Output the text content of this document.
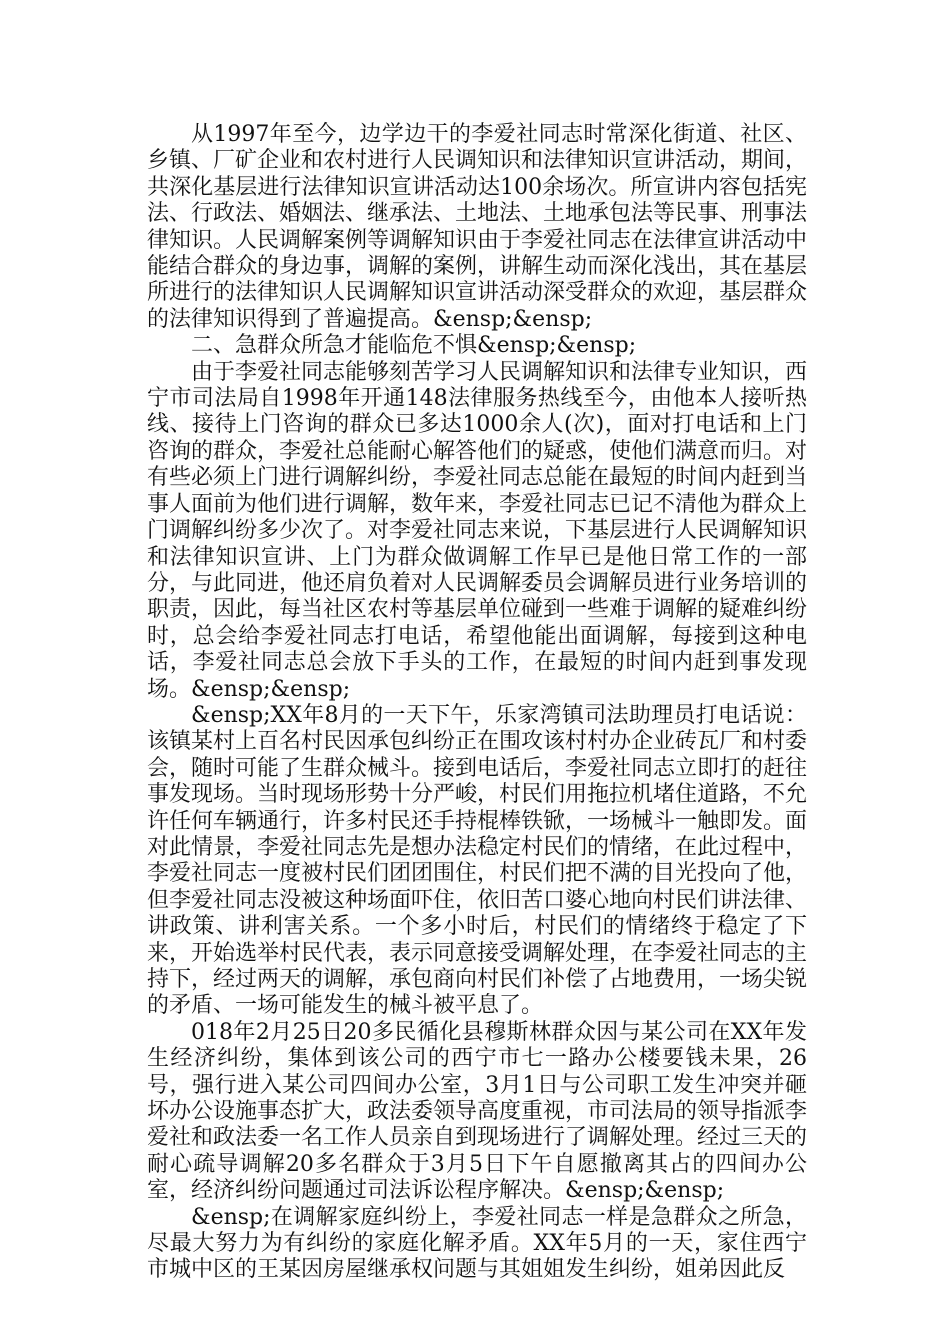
从1997年至今，边学边干的李爱社同志时常深化街道、社区、乡镇、厂矿企业和农村进行人民调知识和法律知识宣讲活动，期间，共深化基层进行法律知识宣讲活动达100余场次。所宣讲内容包括宪法、行政法、婚姻法、继承法、土地法、土地承包法等民事、刑事法律知识。人民调解案例等调解知识由于李爱社同志在法律宣讲活动中能结合群众的身边事，调解的案例，讲解生动而深化浅出，其在基层所进行的法律知识人民调解知识宣讲活动深受群众的欢迎，基层群众的法律知识得到了普遍提高。&ensp;&ensp;

二、急群众所急才能临危不惧&ensp;&ensp;

由于李爱社同志能够刻苦学习人民调解知识和法律专业知识，西宁市司法局自1998年开通148法律服务热线至今，由他本人接听热线、接待上门咨询的群众已多达1000余人(次)，面对打电话和上门咨询的群众，李爱社总能耐心解答他们的疑惑，使他们满意而归。对有些必须上门进行调解纠纷，李爱社同志总能在最短的时间内赶到当事人面前为他们进行调解，数年来，李爱社同志已记不清他为群众上门调解纠纷多少次了。对李爱社同志来说，下基层进行人民调解知识和法律知识宣讲、上门为群众做调解工作早已是他日常工作的一部分，与此同进，他还肩负着对人民调解委员会调解员进行业务培训的职责，因此，每当社区农村等基层单位碰到一些难于调解的疑难纠纷时，总会给李爱社同志打电话，希望他能出面调解，每接到这种电话，李爱社同志总会放下手头的工作，在最短的时间内赶到事发现场。&ensp;&ensp;

&ensp;XX年8月的一天下午，乐家湾镇司法助理员打电话说：该镇某村上百名村民因承包纠纷正在围攻该村村办企业砖瓦厂和村委会，随时可能了生群众械斗。接到电话后，李爱社同志立即打的赶往事发现场。当时现场形势十分严峻，村民们用拖拉机堵住道路，不允许任何车辆通行，许多村民还手持棍棒铁锨，一场械斗一触即发。面对此情景，李爱社同志先是想办法稳定村民们的情绪，在此过程中，李爱社同志一度被村民们团团围住，村民们把不满的目光投向了他，但李爱社同志没被这种场面吓住，依旧苦口婆心地向村民们讲法律、讲政策、讲利害关系。一个多小时后，村民们的情绪终于稳定了下来，开始选举村民代表，表示同意接受调解处理，在李爱社同志的主持下，经过两天的调解，承包商向村民们补偿了占地费用，一场尖锐的矛盾、一场可能发生的械斗被平息了。

018年2月25日20多民循化县穆斯林群众因与某公司在XX年发生经济纠纷，集体到该公司的西宁市七一路办公楼要钱未果，26号，强行进入某公司四间办公室，3月1日与公司职工发生冲突并砸坏办公设施事态扩大，政法委领导高度重视，市司法局的领导指派李爱社和政法委一名工作人员亲自到现场进行了调解处理。经过三天的耐心疏导调解20多名群众于3月5日下午自愿撤离其占的四间办公室，经济纠纷问题通过司法诉讼程序解决。&ensp;&ensp;

&ensp;在调解家庭纠纷上，李爱社同志一样是急群众之所急，尽最大努力为有纠纷的家庭化解矛盾。XX年5月的一天，家住西宁市城中区的王某因房屋继承权问题与其姐姐发生纠纷，姐弟因此反
